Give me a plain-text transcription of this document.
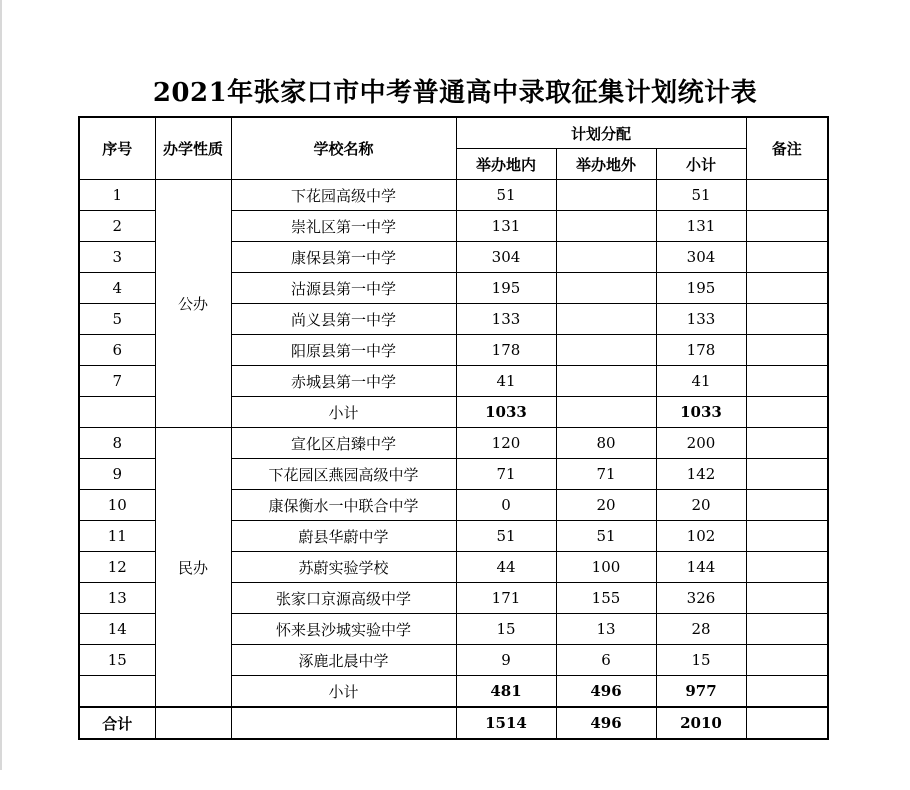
2021年张家口市中考普通高中录取征集计划统计表
序号	办学性质	学校名称	计划分配			备注
			举办地内	举办地外	小计	
1	公办	下花园高级中学	51		51	
2		崇礼区第一中学	131		131	
3		康保县第一中学	304		304	
4		沽源县第一中学	195		195	
5		尚义县第一中学	133		133	
6		阳原县第一中学	178		178	
7		赤城县第一中学	41		41	
		小计	1033		1033	
8	民办	宣化区启臻中学	120	80	200	
9		下花园区燕园高级中学	71	71	142	
10		康保衡水一中联合中学	0	20	20	
11		蔚县华蔚中学	51	51	102	
12		苏蔚实验学校	44	100	144	
13		张家口京源高级中学	171	155	326	
14		怀来县沙城实验中学	15	13	28	
15		涿鹿北晨中学	9	6	15	
		小计	481	496	977	
合计			1514	496	2010	
